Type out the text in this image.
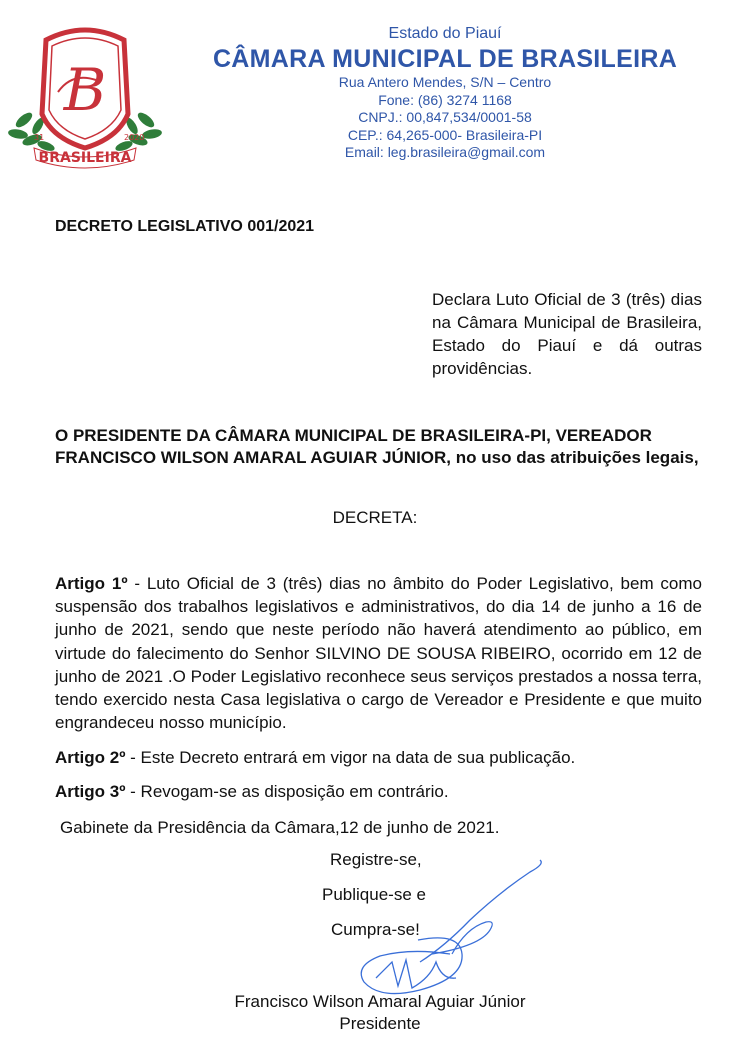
B
31	2020
BRASILEIRA
Estado do Piauí
CÂMARA MUNICIPAL DE BRASILEIRA
Rua Antero Mendes, S/N – Centro
Fone: (86) 3274 1168
CNPJ.: 00,847,534/0001-58
CEP.: 64,265-000- Brasileira-PI
Email: leg.brasileira@gmail.com
DECRETO LEGISLATIVO 001/2021
Declara Luto Oficial de 3 (três) dias na Câmara Municipal de Brasileira, Estado do Piauí e dá outras providências.
O PRESIDENTE DA CÂMARA MUNICIPAL DE BRASILEIRA-PI, VEREADOR FRANCISCO WILSON AMARAL AGUIAR JÚNIOR, no uso das atribuições legais,
DECRETA:
Artigo 1º - Luto Oficial de 3 (três) dias no âmbito do Poder Legislativo, bem como suspensão dos trabalhos legislativos e administrativos, do dia 14 de junho a 16 de junho de 2021, sendo que neste período não haverá atendimento ao público, em virtude do falecimento do Senhor SILVINO DE SOUSA RIBEIRO, ocorrido em 12 de junho de 2021 .O Poder Legislativo reconhece seus serviços prestados a nossa terra, tendo exercido nesta Casa legislativa o cargo de Vereador e Presidente e que muito engrandeceu nosso município.
Artigo 2º - Este Decreto entrará em vigor na data de sua publicação.
Artigo 3º - Revogam-se as disposição em contrário.
Gabinete da Presidência da Câmara,12 de junho de 2021.
Registre-se,
Publique-se e
Cumpra-se!
Francisco Wilson Amaral Aguiar Júnior
Presidente
